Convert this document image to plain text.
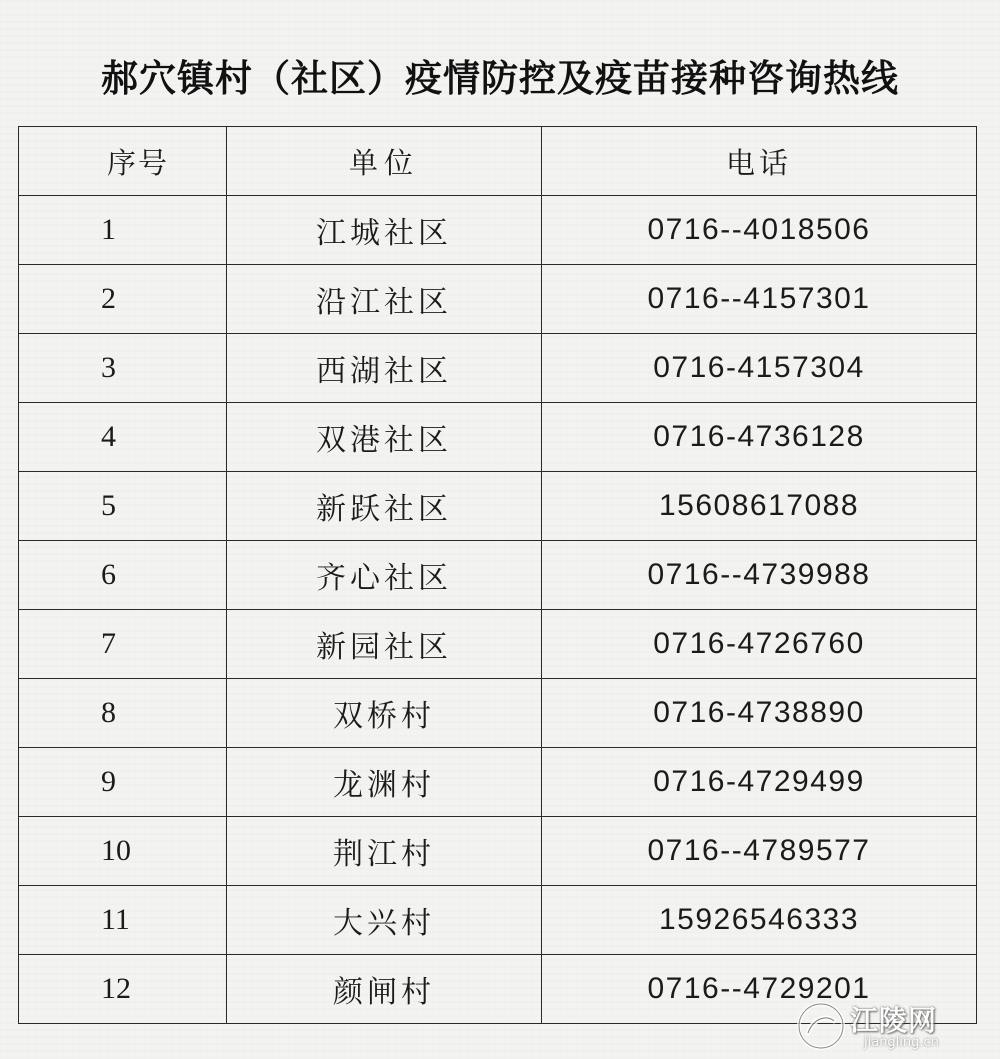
郝穴镇村（社区）疫情防控及疫苗接种咨询热线
序号	单位	电话
1	江城社区	0716--4018506
2	沿江社区	0716--4157301
3	西湖社区	0716-4157304
4	双港社区	0716-4736128
5	新跃社区	15608617088
6	齐心社区	0716--4739988
7	新园社区	0716-4726760
8	双桥村	0716-4738890
9	龙渊村	0716-4729499
10	荆江村	0716--4789577
11	大兴村	15926546333
12	颜闸村	0716--4729201
江陵网
jiangling.cn
